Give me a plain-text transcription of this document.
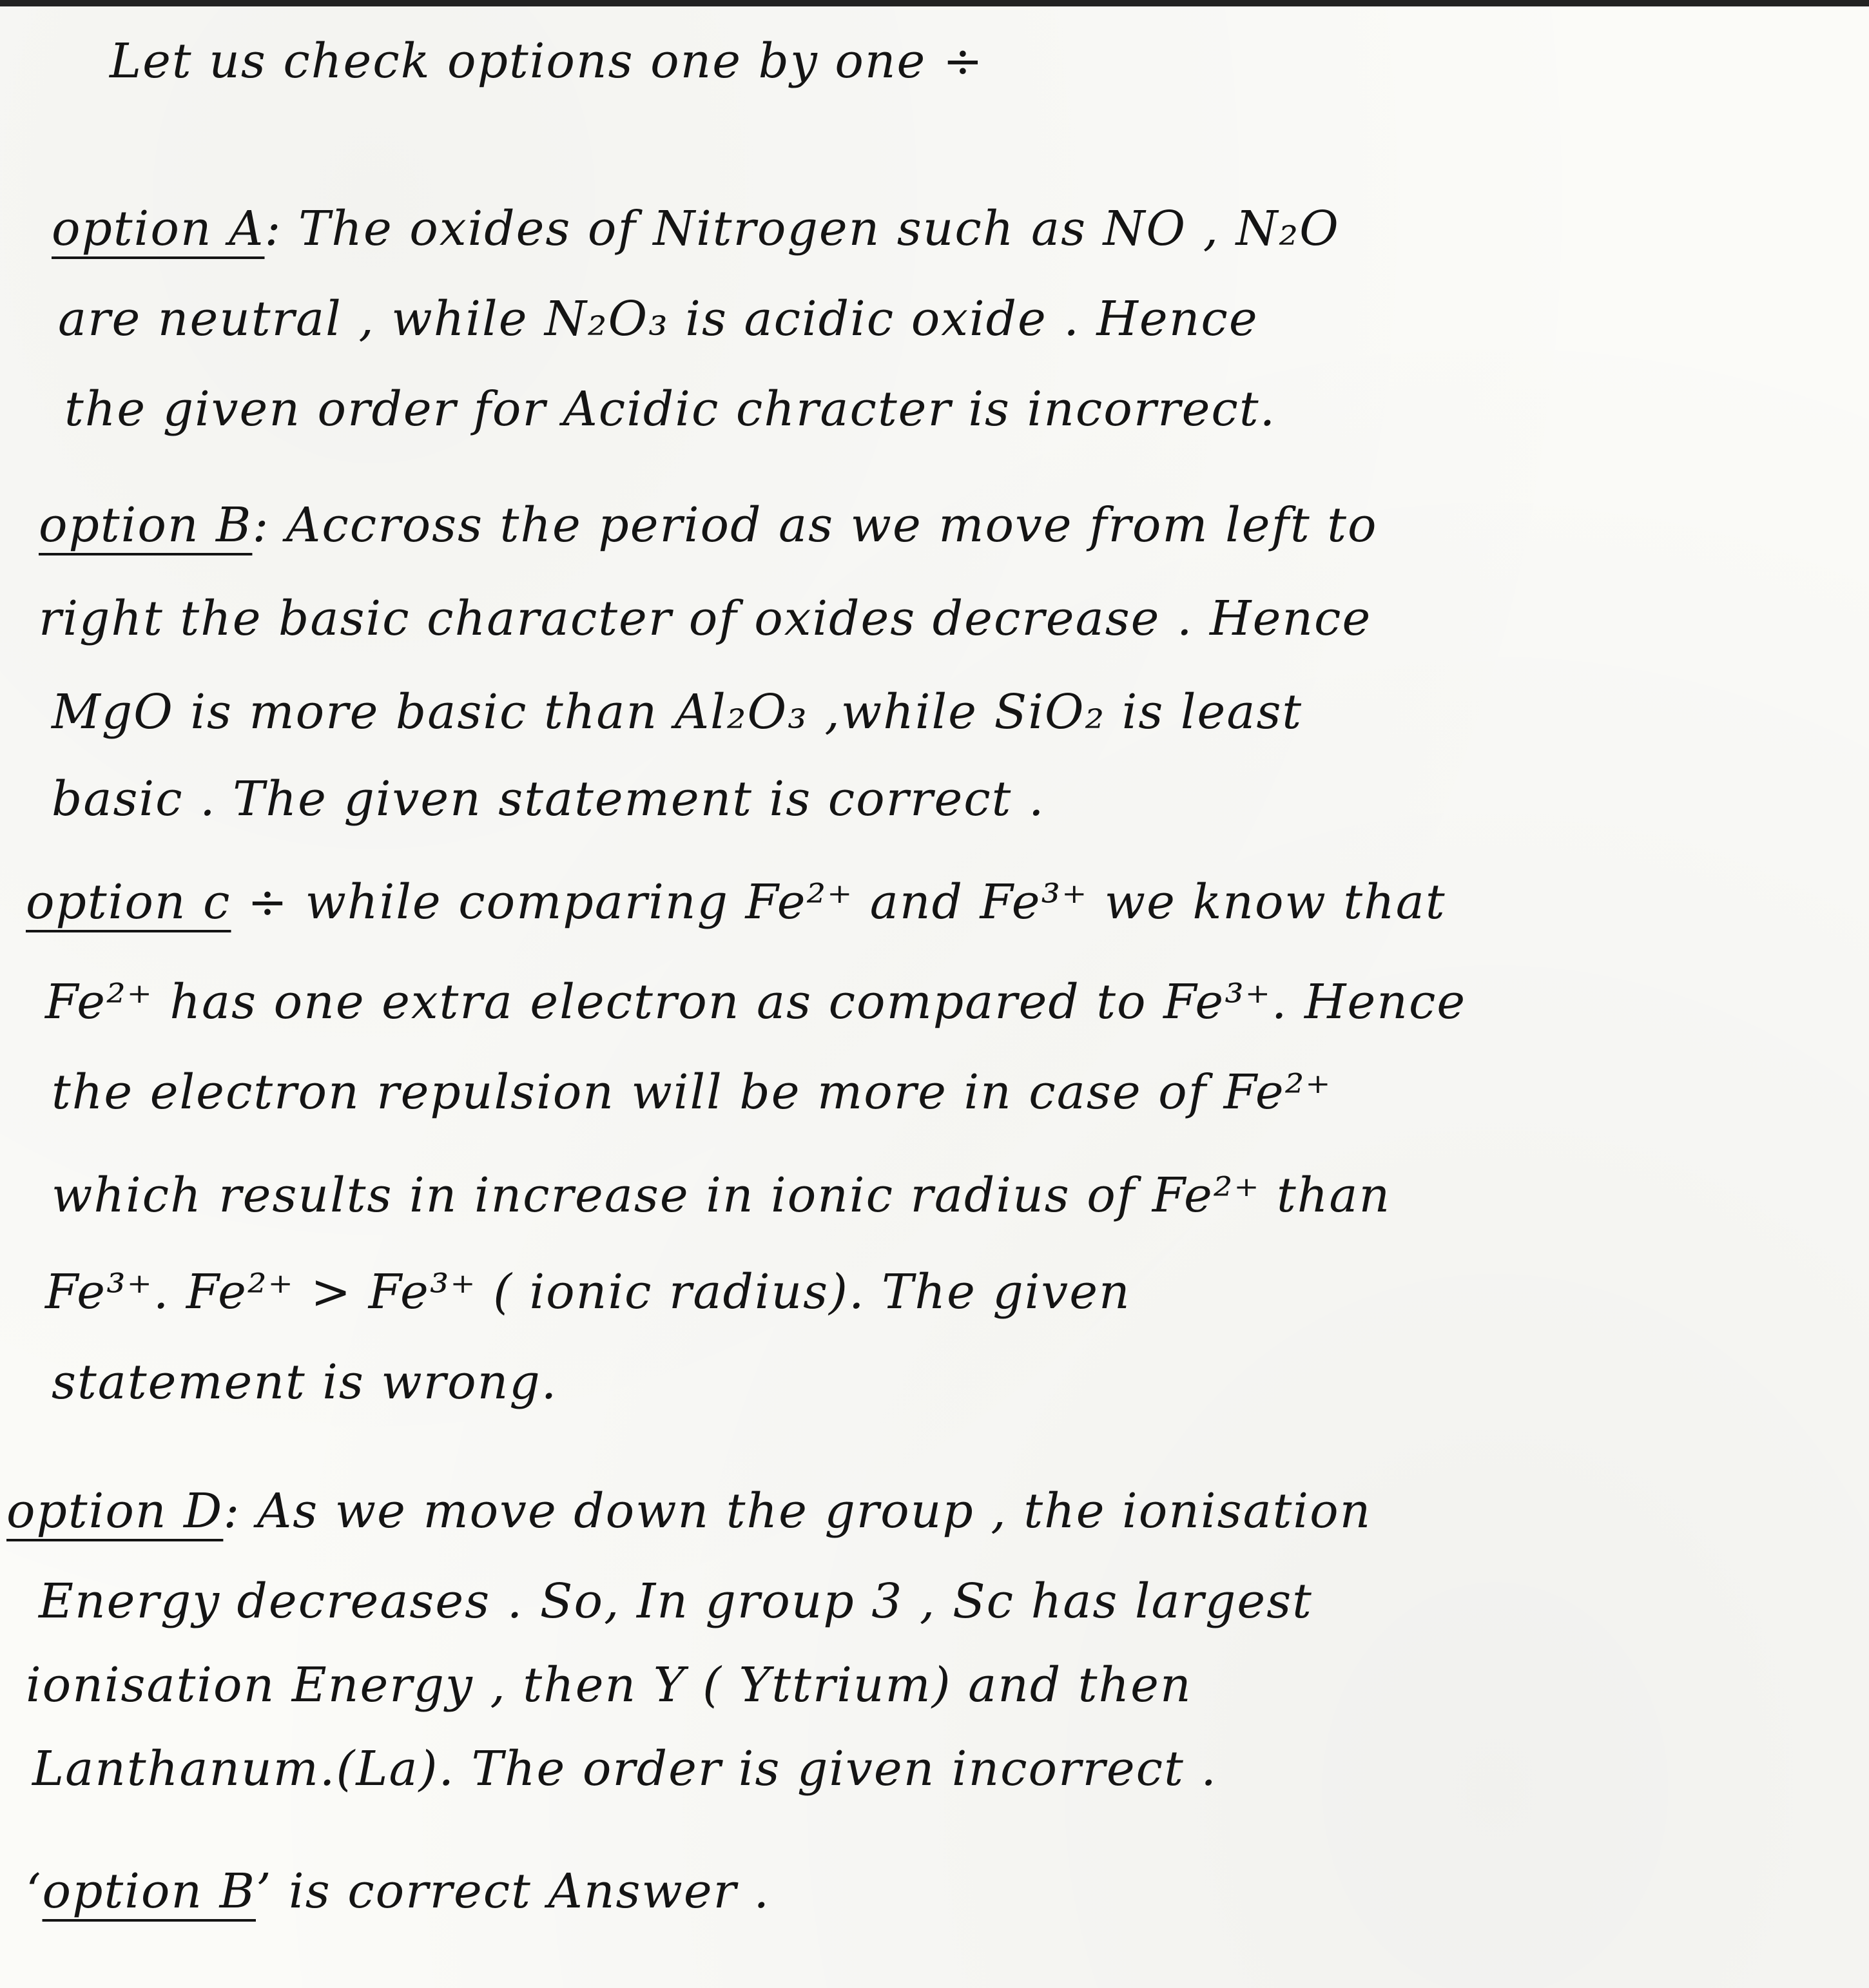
Let us check options one by one ÷
option A: The oxides of Nitrogen such as NO , N₂O
are neutral , while N₂O₃ is acidic oxide . Hence
the given order for Acidic chracter is incorrect.
option B: Accross the period as we move from left to
right the basic character of oxides decrease . Hence
MgO is more basic than Al₂O₃ ,while SiO₂ is least
basic . The given statement is correct .
option c ÷ while comparing Fe²⁺ and Fe³⁺ we know that
Fe²⁺ has one extra electron as compared to Fe³⁺. Hence
the electron repulsion will be more in case of Fe²⁺
which results in increase in ionic radius of Fe²⁺ than
Fe³⁺. Fe²⁺ > Fe³⁺ ( ionic radius). The given
statement is wrong.
option D: As we move down the group , the ionisation
Energy decreases . So, In group 3 , Sc has largest
ionisation Energy , then Y ( Yttrium) and then
Lanthanum.(La). The order is given incorrect .
‘option B’ is correct Answer .
